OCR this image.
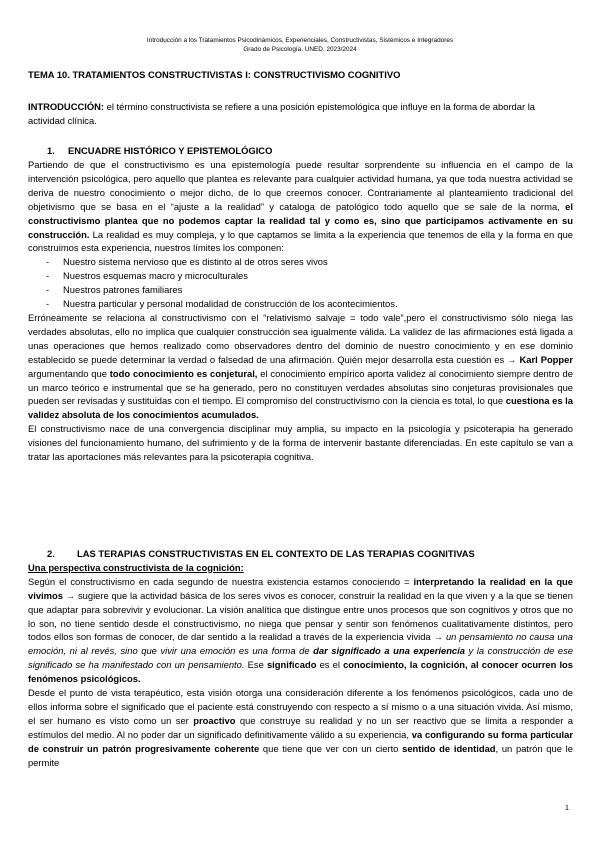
Introducción a los Tratamientos Psicodinámicos, Experienciales, Constructivistas, Sistémicos e Integradores
Grado de Psicología. UNED. 2023/2024
TEMA 10. TRATAMIENTOS CONSTRUCTIVISTAS I: CONSTRUCTIVISMO COGNITIVO
INTRODUCCIÓN: el término constructivista se refiere a una posición epistemológica que influye en la forma de abordar la actividad clínica.
1. ENCUADRE HISTÓRICO Y EPISTEMOLÓGICO

Partiendo de que el constructivismo es una epistemología puede resultar sorprendente su influencia en el campo de la intervención psicológica, pero aquello que plantea es relevante para cualquier actividad humana, ya que toda nuestra actividad se deriva de nuestro conocimiento o mejor dicho, de lo que creemos conocer. Contrariamente al planteamiento tradicional del objetivismo que se basa en el “ajuste a la realidad” y cataloga de patológico todo aquello que se sale de la norma, el constructivismo plantea que no podemos captar la realidad tal y como es, sino que participamos activamente en su construcción. La realidad es muy compleja, y lo que captamos se limita a la experiencia que tenemos de ella y la forma en que construimos esta experiencia, nuestros límites los componen:

- Nuestro sistema nervioso que es distinto al de otros seres vivos
- Nuestros esquemas macro y microculturales
- Nuestros patrones familiares
- Nuestra particular y personal modalidad de construcción de los acontecimientos.

Erróneamente se relaciona al constructivismo con el “relativismo salvaje = todo vale”,pero el constructivismo sólo niega las verdades absolutas, ello no implica que cualquier construcción sea igualmente válida. La validez de las afirmaciones está ligada a unas operaciones que hemos realizado como observadores dentro del dominio de nuestro conocimiento y en ese dominio establecido se puede determinar la verdad o falsedad de una afirmación. Quién mejor desarrolla esta cuestión es → Karl Popper argumentando que todo conocimiento es conjetural, el conocimiento empírico aporta validez al conocimiento siempre dentro de un marco teórico e instrumental que se ha generado, pero no constituyen verdades absolutas sino conjeturas provisionales que pueden ser revisadas y sustituidas con el tiempo. El compromiso del constructivismo con la ciencia es total, lo que cuestiona es la validez absoluta de los conocimientos acumulados.

El constructivismo nace de una convergencia disciplinar muy amplia, su impacto en la psicología y psicoterapia ha generado visiones del funcionamiento humano, del sufrimiento y de la forma de intervenir bastante diferenciadas. En este capítulo se van a tratar las aportaciones más relevantes para la psicoterapia cognitiva.

2. LAS TERAPIAS CONSTRUCTIVISTAS EN EL CONTEXTO DE LAS TERAPIAS COGNITIVAS
Una perspectiva constructivista de la cognición:

Según el constructivismo en cada segundo de nuestra existencia estamos conociendo = interpretando la realidad en la que vivimos → sugiere que la actividad básica de los seres vivos es conocer, construir la realidad en la que viven y a la que se tienen que adaptar para sobrevivir y evolucionar. La visión analítica que distingue entre unos procesos que son cognitivos y otros que no lo son, no tiene sentido desde el constructivismo, no niega que pensar y sentir son fenómenos cualitativamente distintos, pero todos ellos son formas de conocer, de dar sentido a la realidad a través de la experiencia vivida → un pensamiento no causa una emoción, ni al revés, sino que vivir una emoción es una forma de dar significado a una experiencia y la construcción de ese significado se ha manifestado con un pensamiento. Ese significado es el conocimiento, la cognición, al conocer ocurren los fenómenos psicológicos.

Desde el punto de vista terapéutico, esta visión otorga una consideración diferente a los fenómenos psicológicos, cada uno de ellos informa sobre el significado que el paciente está construyendo con respecto a sí mismo o a una situación vivida. Así mismo, el ser humano es visto como un ser proactivo que construye su realidad y no un ser reactivo que se limita a responder a estímulos del medio. Al no poder dar un significado definitivamente válido a su experiencia, va configurando su forma particular de construir un patrón progresivamente coherente que tiene que ver con un cierto sentido de identidad, un patrón que le permite

1
